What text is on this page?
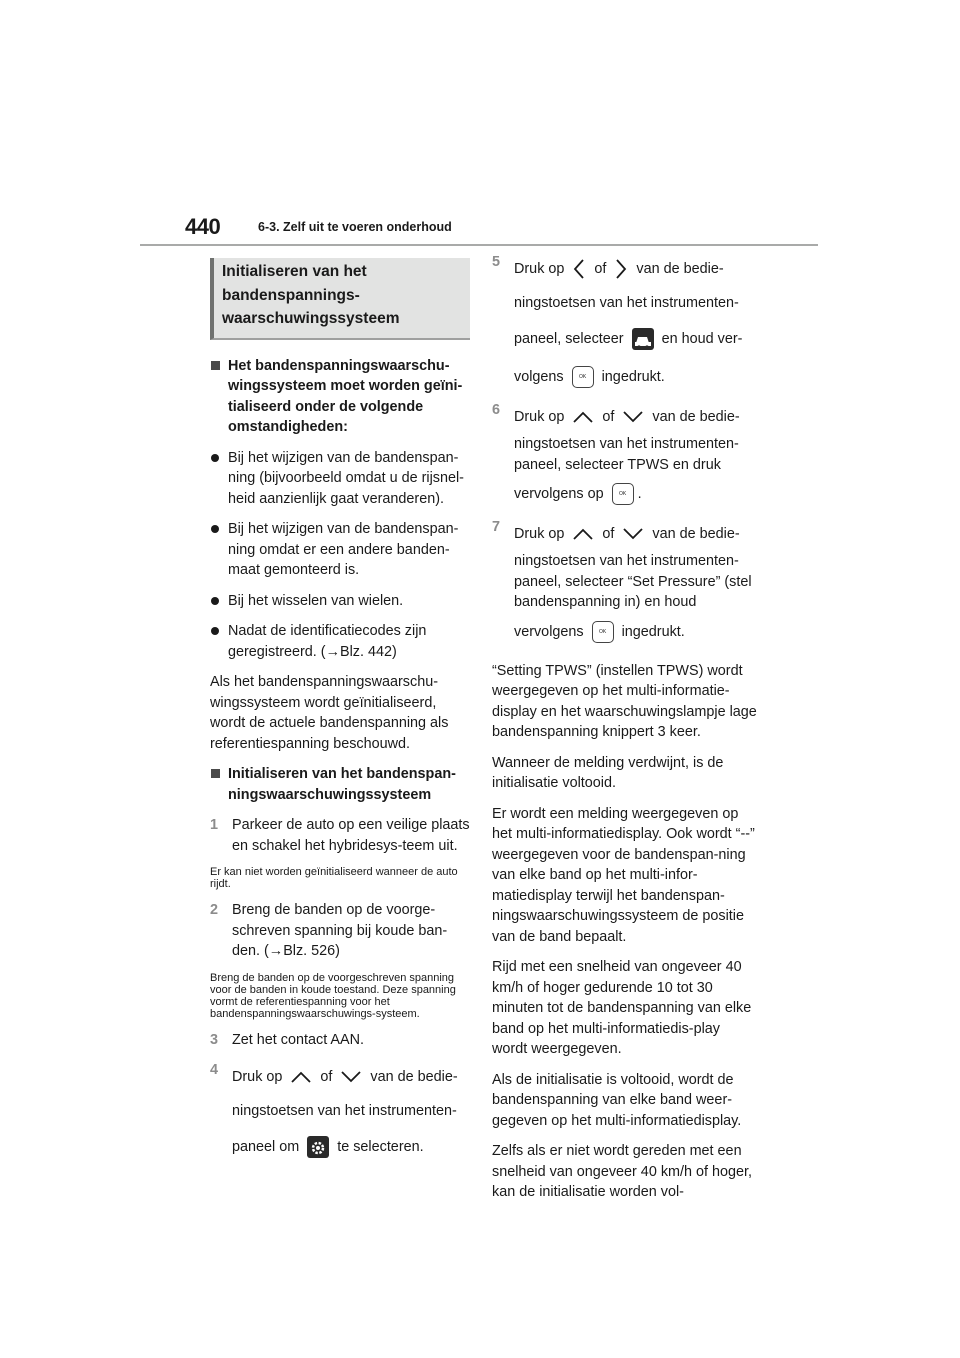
440	6-3. Zelf uit te voeren onderhoud
Initialiseren van het
bandenspannings-
waarschuwingssysteem
Het bandenspanningswaarschu-wingssysteem moet worden geïni-tialiseerd onder de volgende omstandigheden:
Bij het wijzigen van de bandenspan-ning (bijvoorbeeld omdat u de rijsnel-heid aanzienlijk gaat veranderen).
Bij het wijzigen van de bandenspan-ning omdat er een andere banden-maat gemonteerd is.
Bij het wisselen van wielen.
Nadat de identificatiecodes zijn geregistreerd. (→Blz. 442)

Als het bandenspanningswaarschu-wingssysteem wordt geïnitialiseerd, wordt de actuele bandenspanning als referentiespanning beschouwd.

Initialiseren van het bandenspan-ningswaarschuwingssysteem
1 Parkeer de auto op een veilige plaats en schakel het hybridesys-teem uit.

Er kan niet worden geïnitialiseerd wanneer de auto rijdt.

2 Breng de banden op de voorge-schreven spanning bij koude ban-den. (→Blz. 526)

Breng de banden op de voorgeschreven spanning voor de banden in koude toestand. Deze spanning vormt de referentiespanning voor het bandenspanningswaarschuwings-systeem.

3 Zet het contact AAN.
4 Druk op	of	van de bedie-ningstoetsen van het instrumenten-
paneel om	te selecteren.
5 Druk op of van de bedie-
ningstoetsen van het instrumenten-
paneel, selecteer	en houd ver-
volgens	OK ingedrukt.
6 Druk op	of	van de bedie-
ningstoetsen van het instrumenten-paneel, selecteer TPWS en druk
vervolgens op	OK .
7 Druk op	of	van de bedie-
ningstoetsen van het instrumenten-paneel, selecteer “Set Pressure” (stel bandenspanning in) en houd
vervolgens	OK ingedrukt.

“Setting TPWS” (instellen TPWS) wordt weergegeven op het multi-informatie-display en het waarschuwingslampje lage bandenspanning knippert 3 keer.

Wanneer de melding verdwijnt, is de initialisatie voltooid.

Er wordt een melding weergegeven op het multi-informatiedisplay. Ook wordt “--” weergegeven voor de bandenspan-ning van elke band op het multi-infor-matiedisplay terwijl het bandenspan-ningswaarschuwingssysteem de positie van de band bepaalt.

Rijd met een snelheid van ongeveer 40 km/h of hoger gedurende 10 tot 30 minuten tot de bandenspanning van elke band op het multi-informatiedis-play wordt weergegeven.

Als de initialisatie is voltooid, wordt de bandenspanning van elke band weer-gegeven op het multi-informatiedisplay.

Zelfs als er niet wordt gereden met een snelheid van ongeveer 40 km/h of hoger, kan de initialisatie worden vol-
